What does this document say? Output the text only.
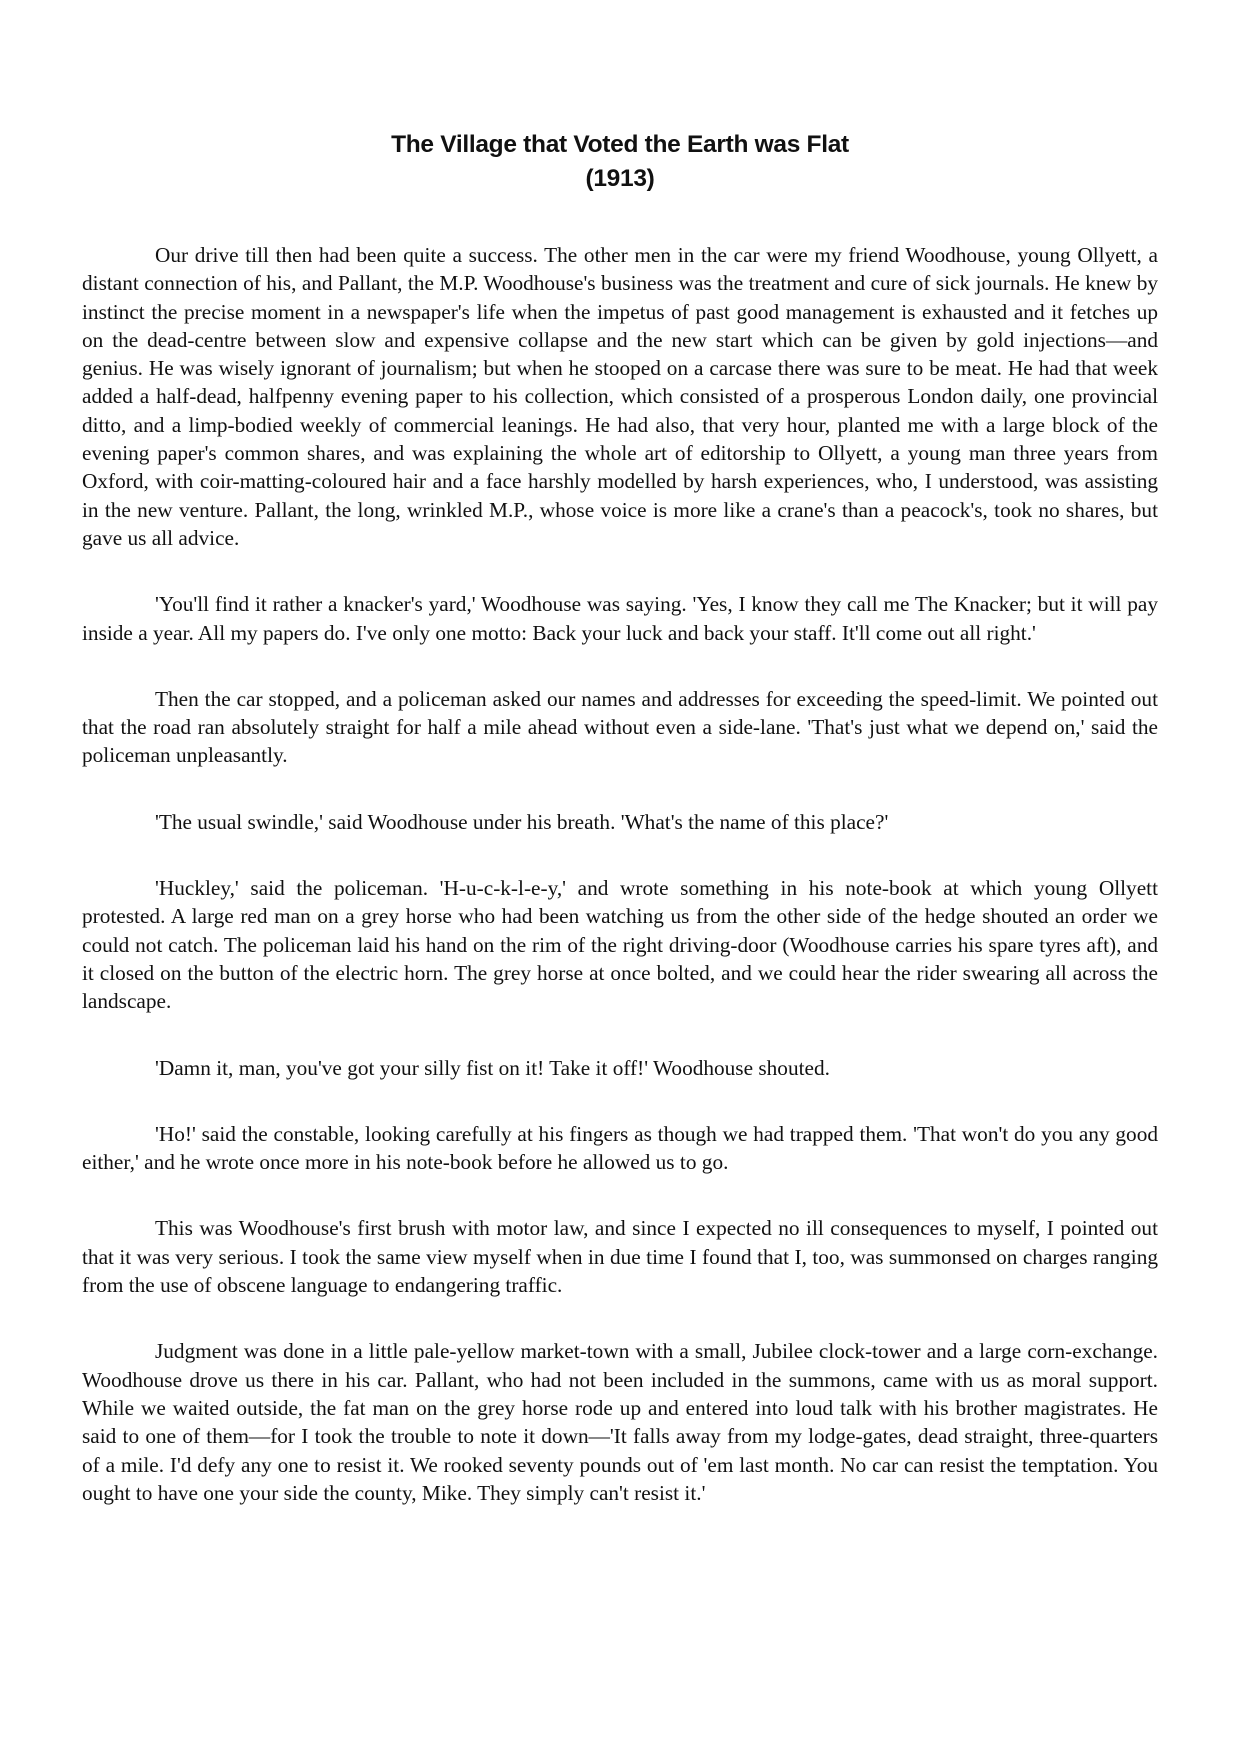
The Village that Voted the Earth was Flat
(1913)

Our drive till then had been quite a success. The other men in the car were my friend Woodhouse, young Ollyett, a distant connection of his, and Pallant, the M.P. Woodhouse's business was the treatment and cure of sick journals. He knew by instinct the precise moment in a newspaper's life when the impetus of past good management is exhausted and it fetches up on the dead-centre between slow and expensive collapse and the new start which can be given by gold injections—and genius. He was wisely ignorant of journalism; but when he stooped on a carcase there was sure to be meat. He had that week added a half-dead, halfpenny evening paper to his collection, which consisted of a prosperous London daily, one provincial ditto, and a limp-bodied weekly of commercial leanings. He had also, that very hour, planted me with a large block of the evening paper's common shares, and was explaining the whole art of editorship to Ollyett, a young man three years from Oxford, with coir-matting-coloured hair and a face harshly modelled by harsh experiences, who, I understood, was assisting in the new venture. Pallant, the long, wrinkled M.P., whose voice is more like a crane's than a peacock's, took no shares, but gave us all advice.

'You'll find it rather a knacker's yard,' Woodhouse was saying. 'Yes, I know they call me The Knacker; but it will pay inside a year. All my papers do. I've only one motto: Back your luck and back your staff. It'll come out all right.'

Then the car stopped, and a policeman asked our names and addresses for exceeding the speed-limit. We pointed out that the road ran absolutely straight for half a mile ahead without even a side-lane. 'That's just what we depend on,' said the policeman unpleasantly.

'The usual swindle,' said Woodhouse under his breath. 'What's the name of this place?'

'Huckley,' said the policeman. 'H-u-c-k-l-e-y,' and wrote something in his note-book at which young Ollyett protested. A large red man on a grey horse who had been watching us from the other side of the hedge shouted an order we could not catch. The policeman laid his hand on the rim of the right driving-door (Woodhouse carries his spare tyres aft), and it closed on the button of the electric horn. The grey horse at once bolted, and we could hear the rider swearing all across the landscape.

'Damn it, man, you've got your silly fist on it! Take it off!' Woodhouse shouted.

'Ho!' said the constable, looking carefully at his fingers as though we had trapped them. 'That won't do you any good either,' and he wrote once more in his note-book before he allowed us to go.

This was Woodhouse's first brush with motor law, and since I expected no ill consequences to myself, I pointed out that it was very serious. I took the same view myself when in due time I found that I, too, was summonsed on charges ranging from the use of obscene language to endangering traffic.

Judgment was done in a little pale-yellow market-town with a small, Jubilee clock-tower and a large corn-exchange. Woodhouse drove us there in his car. Pallant, who had not been included in the summons, came with us as moral support. While we waited outside, the fat man on the grey horse rode up and entered into loud talk with his brother magistrates. He said to one of them—for I took the trouble to note it down—'It falls away from my lodge-gates, dead straight, three-quarters of a mile. I'd defy any one to resist it. We rooked seventy pounds out of 'em last month. No car can resist the temptation. You ought to have one your side the county, Mike. They simply can't resist it.'
